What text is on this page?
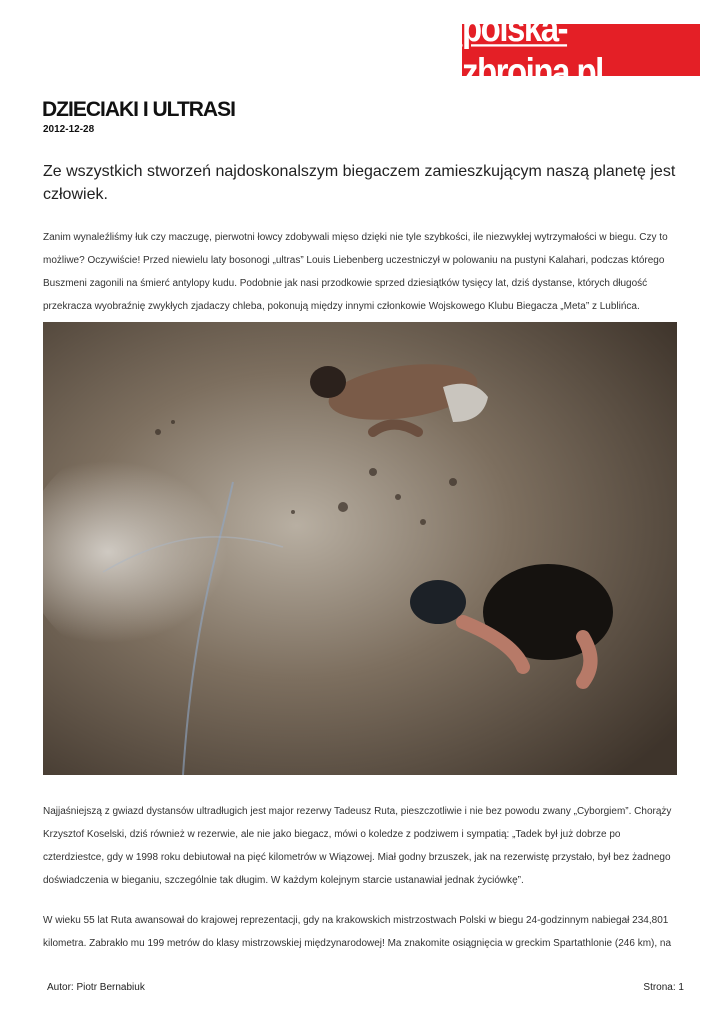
polska-zbrojna.pl
DZIECIAKI I ULTRASI
2012-12-28

Ze wszystkich stworzeń najdoskonalszym biegaczem zamieszkującym naszą planetę jest człowiek.

Zanim wynaleźliśmy łuk czy maczugę, pierwotni łowcy zdobywali mięso dzięki nie tyle szybkości, ile niezwykłej wytrzymałości w biegu. Czy to możliwe? Oczywiście! Przed niewielu laty bosonogi „ultras” Louis Liebenberg uczestniczył w polowaniu na pustyni Kalahari, podczas którego Buszmeni zagonili na śmierć antylopy kudu. Podobnie jak nasi przodkowie sprzed dziesiątków tysięcy lat, dziś dystanse, których długość przekracza wyobraźnię zwykłych zjadaczy chleba, pokonują między innymi członkowie Wojskowego Klubu Biegacza „Meta” z Lublińca.

Najjaśniejszą z gwiazd dystansów ultradługich jest major rezerwy Tadeusz Ruta, pieszczotliwie i nie bez powodu zwany „Cyborgiem”. Chorąży Krzysztof Koselski, dziś również w rezerwie, ale nie jako biegacz, mówi o koledze z podziwem i sympatią: „Tadek był już dobrze po czterdziestce, gdy w 1998 roku debiutował na pięć kilometrów w Wiązowej. Miał godny brzuszek, jak na rezerwistę przystało, był bez żadnego doświadczenia w bieganiu, szczególnie tak długim. W każdym kolejnym starcie ustanawiał jednak życiówkę”.

W wieku 55 lat Ruta awansował do krajowej reprezentacji, gdy na krakowskich mistrzostwach Polski w biegu 24-godzinnym nabiegał 234,801 kilometra. Zabrakło mu 199 metrów do klasy mistrzowskiej międzynarodowej! Ma znakomite osiągnięcia w greckim Spartathlonie (246 km), na

Autor: Piotr Bernabiuk	Strona: 1
